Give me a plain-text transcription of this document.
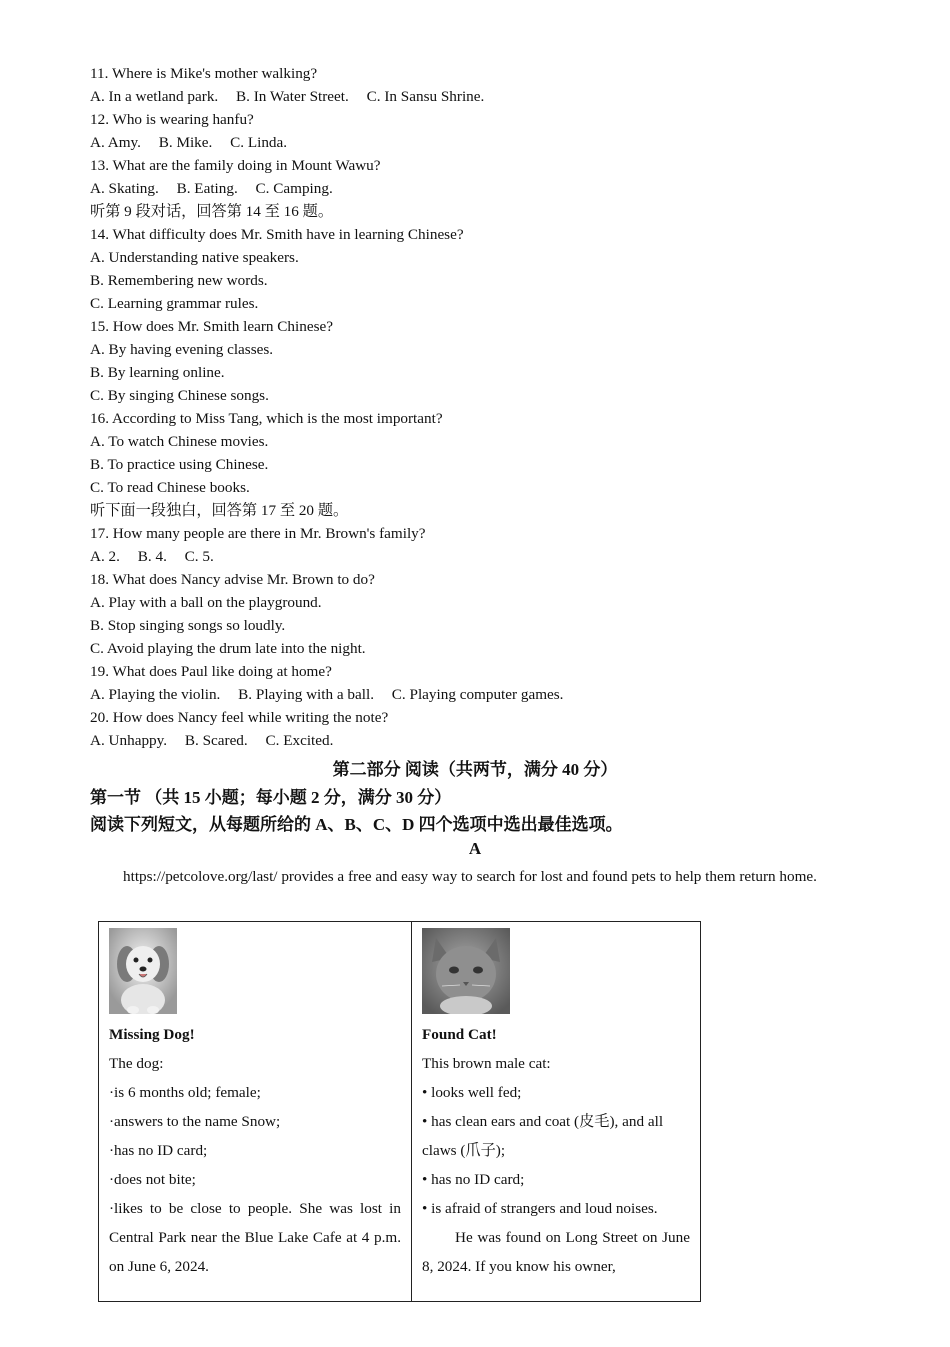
11. Where is Mike's mother walking?
A. In a wetland park. B. In Water Street. C. In Sansu Shrine.
12. Who is wearing hanfu?
A. Amy. B. Mike. C. Linda.
13. What are the family doing in Mount Wawu?
A. Skating. B. Eating. C. Camping.
听第 9 段对话，回答第 14 至 16 题。
14. What difficulty does Mr. Smith have in learning Chinese?
A. Understanding native speakers.
B. Remembering new words.
C. Learning grammar rules.
15. How does Mr. Smith learn Chinese?
A. By having evening classes.
B. By learning online.
C. By singing Chinese songs.
16. According to Miss Tang, which is the most important?
A. To watch Chinese movies.
B. To practice using Chinese.
C. To read Chinese books.
听下面一段独白，回答第 17 至 20 题。
17. How many people are there in Mr. Brown's family?
A. 2. B. 4. C. 5.
18. What does Nancy advise Mr. Brown to do?
A. Play with a ball on the playground.
B. Stop singing songs so loudly.
C. Avoid playing the drum late into the night.
19. What does Paul like doing at home?
A. Playing the violin. B. Playing with a ball. C. Playing computer games.
20. How does Nancy feel while writing the note?
A. Unhappy. B. Scared. C. Excited.
第二部分 阅读（共两节，满分 40 分）
第一节 （共 15 小题；每小题 2 分，满分 30 分）
阅读下列短文，从每题所给的 A、B、C、D 四个选项中选出最佳选项。
A
https://petcolove.org/last/ provides a free and easy way to search for lost and found pets to help them return home.
Missing Dog!
The dog:
·is 6 months old; female;
·answers to the name Snow;
·has no ID card;
·does not bite;
·likes to be close to people. She was lost in Central Park near the Blue Lake Cafe at 4 p.m. on June 6, 2024.

Found Cat!
This brown male cat:
• looks well fed;
• has clean ears and coat (皮毛), and all claws (爪子);
• has no ID card;
• is afraid of strangers and loud noises.
He was found on Long Street on June 8, 2024. If you know his owner,
